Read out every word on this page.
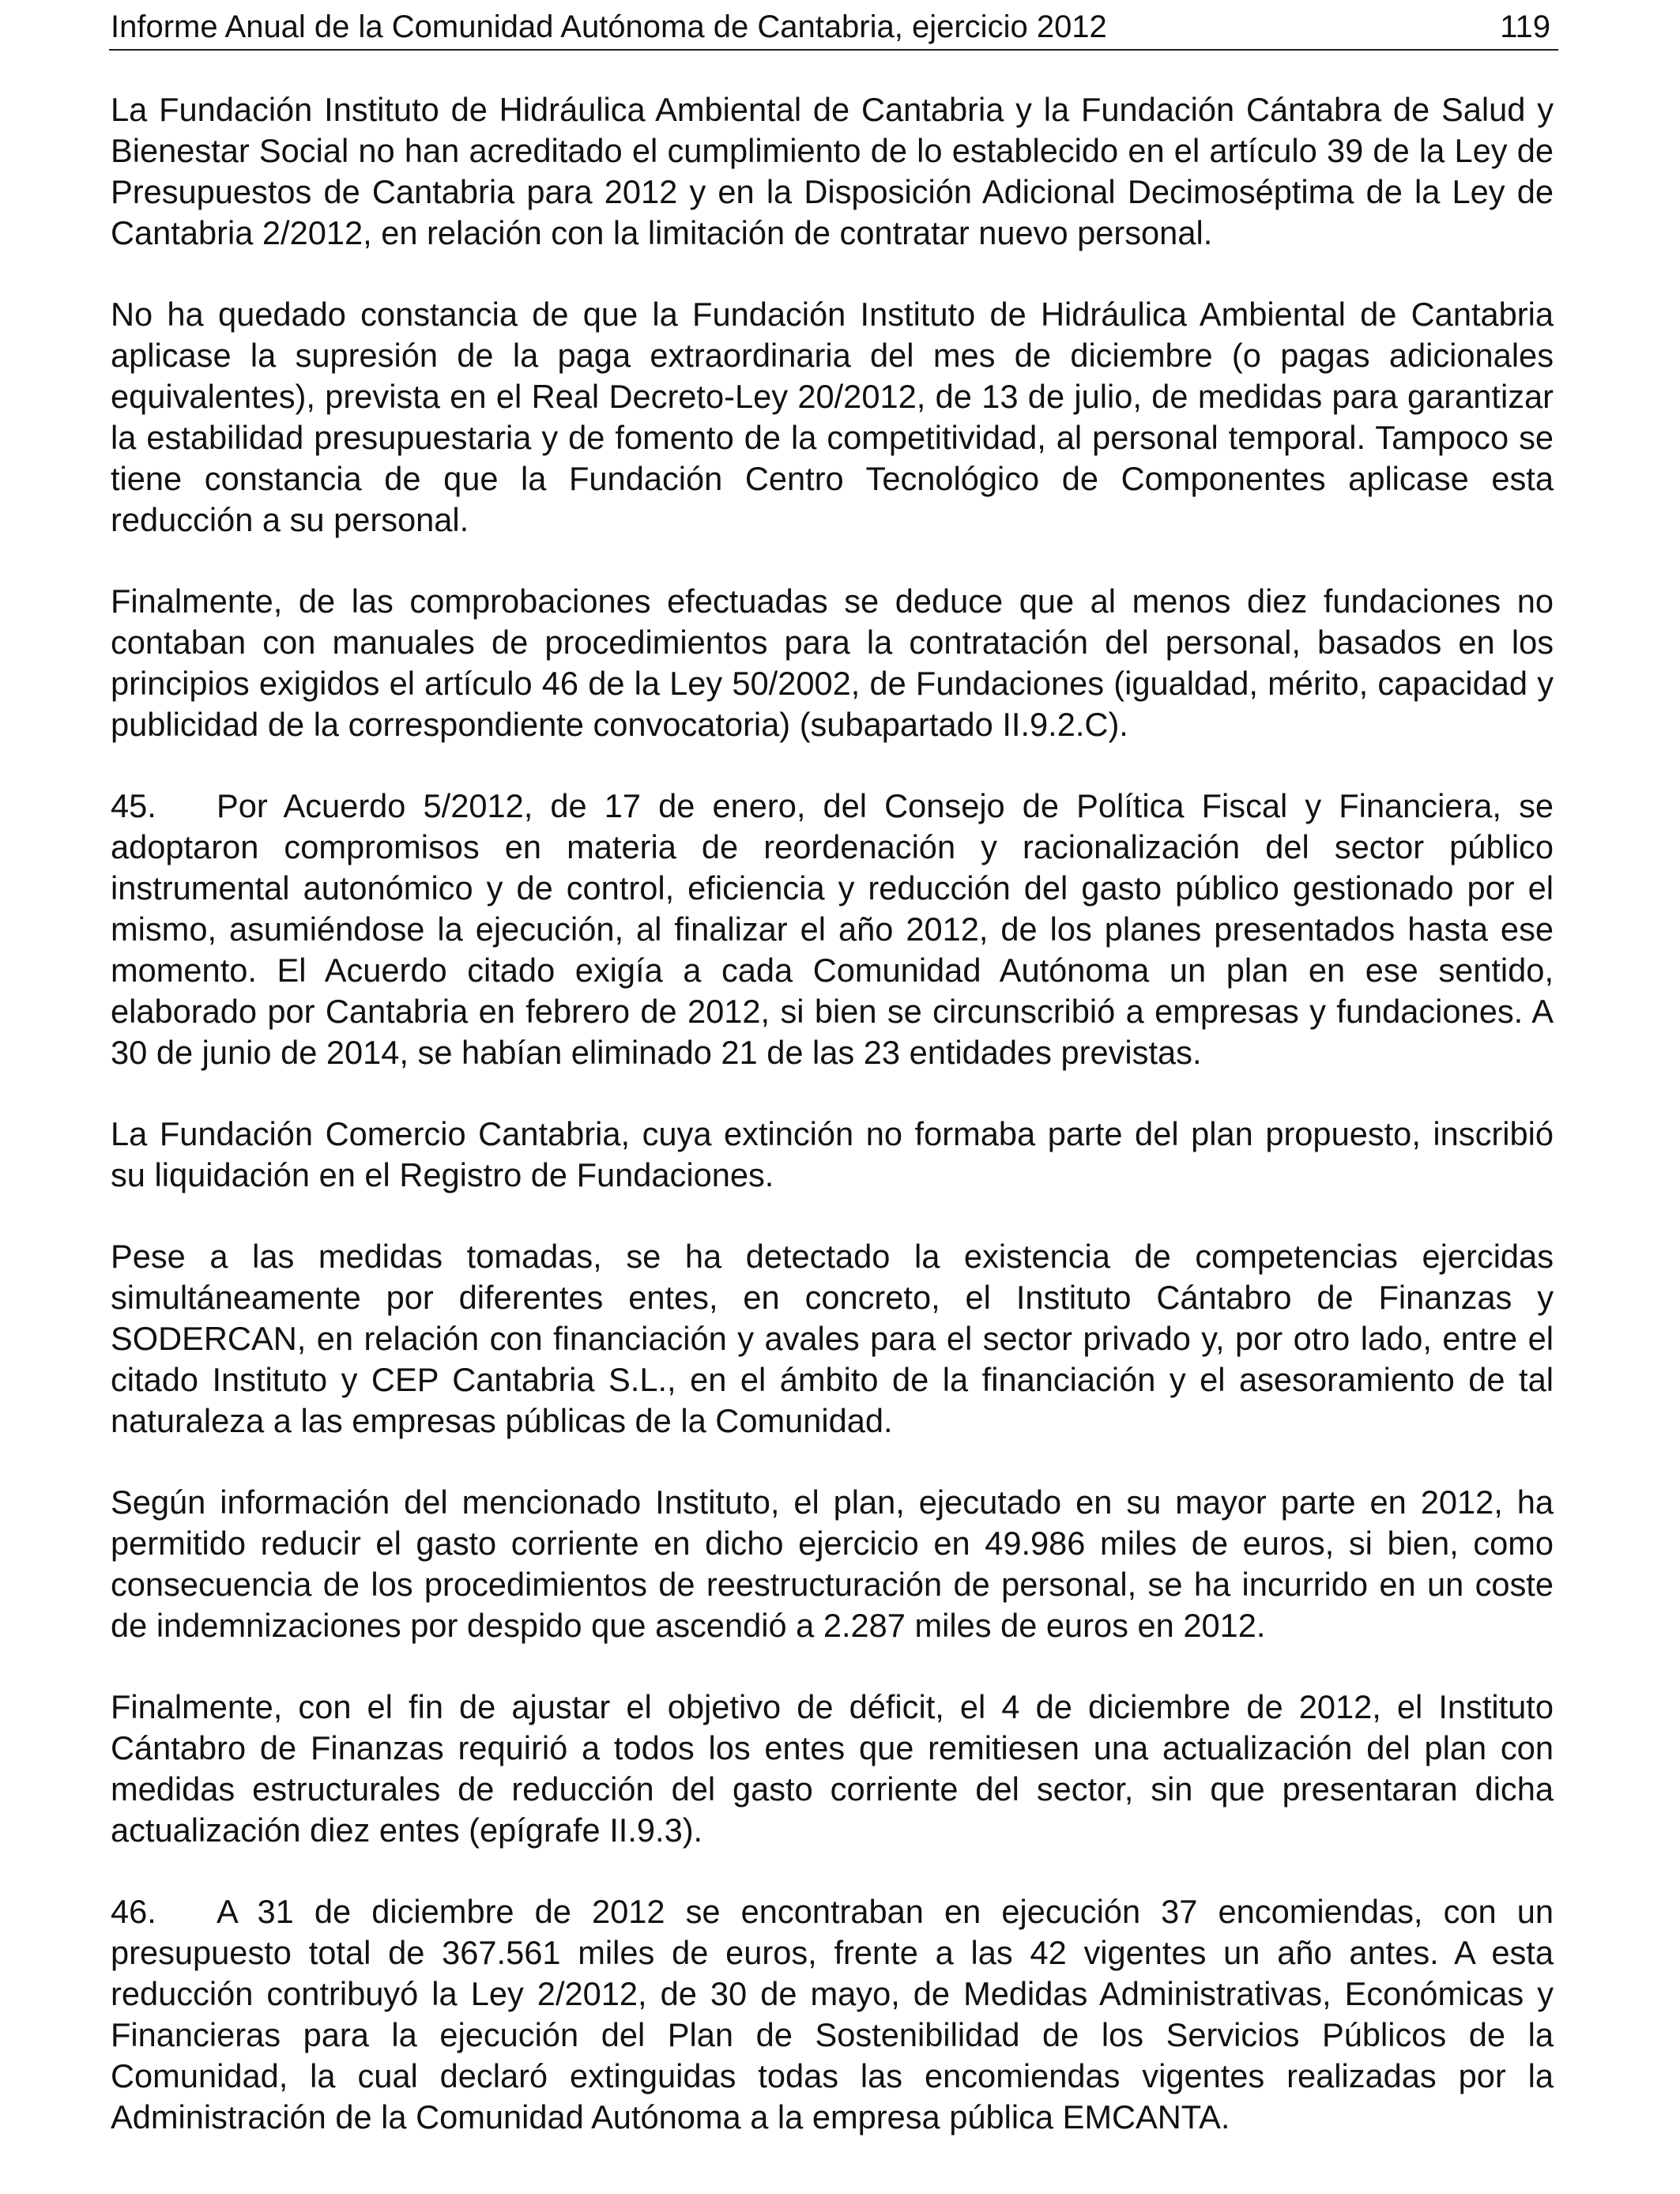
Informe Anual de la Comunidad Autónoma de Cantabria, ejercicio 2012	119

La Fundación Instituto de Hidráulica Ambiental de Cantabria y la Fundación Cántabra de Salud y Bienestar Social no han acreditado el cumplimiento de lo establecido en el artículo 39 de la Ley de Presupuestos de Cantabria para 2012 y en la Disposición Adicional Decimoséptima de la Ley de Cantabria 2/2012, en relación con la limitación de contratar nuevo personal.

No ha quedado constancia de que la Fundación Instituto de Hidráulica Ambiental de Cantabria aplicase la supresión de la paga extraordinaria del mes de diciembre (o pagas adicionales equivalentes), prevista en el Real Decreto-Ley 20/2012, de 13 de julio, de medidas para garantizar la estabilidad presupuestaria y de fomento de la competitividad, al personal temporal. Tampoco se tiene constancia de que la Fundación Centro Tecnológico de Componentes aplicase esta reducción a su personal.

Finalmente, de las comprobaciones efectuadas se deduce que al menos diez fundaciones no contaban con manuales de procedimientos para la contratación del personal, basados en los principios exigidos el artículo 46 de la Ley 50/2002, de Fundaciones (igualdad, mérito, capacidad y publicidad de la correspondiente convocatoria) (subapartado II.9.2.C).

45. Por Acuerdo 5/2012, de 17 de enero, del Consejo de Política Fiscal y Financiera, se adoptaron compromisos en materia de reordenación y racionalización del sector público instrumental autonómico y de control, eficiencia y reducción del gasto público gestionado por el mismo, asumiéndose la ejecución, al finalizar el año 2012, de los planes presentados hasta ese momento. El Acuerdo citado exigía a cada Comunidad Autónoma un plan en ese sentido, elaborado por Cantabria en febrero de 2012, si bien se circunscribió a empresas y fundaciones. A 30 de junio de 2014, se habían eliminado 21 de las 23 entidades previstas.

La Fundación Comercio Cantabria, cuya extinción no formaba parte del plan propuesto, inscribió su liquidación en el Registro de Fundaciones.

Pese a las medidas tomadas, se ha detectado la existencia de competencias ejercidas simultáneamente por diferentes entes, en concreto, el Instituto Cántabro de Finanzas y SODERCAN, en relación con financiación y avales para el sector privado y, por otro lado, entre el citado Instituto y CEP Cantabria S.L., en el ámbito de la financiación y el asesoramiento de tal naturaleza a las empresas públicas de la Comunidad.

Según información del mencionado Instituto, el plan, ejecutado en su mayor parte en 2012, ha permitido reducir el gasto corriente en dicho ejercicio en 49.986 miles de euros, si bien, como consecuencia de los procedimientos de reestructuración de personal, se ha incurrido en un coste de indemnizaciones por despido que ascendió a 2.287 miles de euros en 2012.

Finalmente, con el fin de ajustar el objetivo de déficit, el 4 de diciembre de 2012, el Instituto Cántabro de Finanzas requirió a todos los entes que remitiesen una actualización del plan con medidas estructurales de reducción del gasto corriente del sector, sin que presentaran dicha actualización diez entes (epígrafe II.9.3).

46. A 31 de diciembre de 2012 se encontraban en ejecución 37 encomiendas, con un presupuesto total de 367.561 miles de euros, frente a las 42 vigentes un año antes. A esta reducción contribuyó la Ley 2/2012, de 30 de mayo, de Medidas Administrativas, Económicas y Financieras para la ejecución del Plan de Sostenibilidad de los Servicios Públicos de la Comunidad, la cual declaró extinguidas todas las encomiendas vigentes realizadas por la Administración de la Comunidad Autónoma a la empresa pública EMCANTA.
